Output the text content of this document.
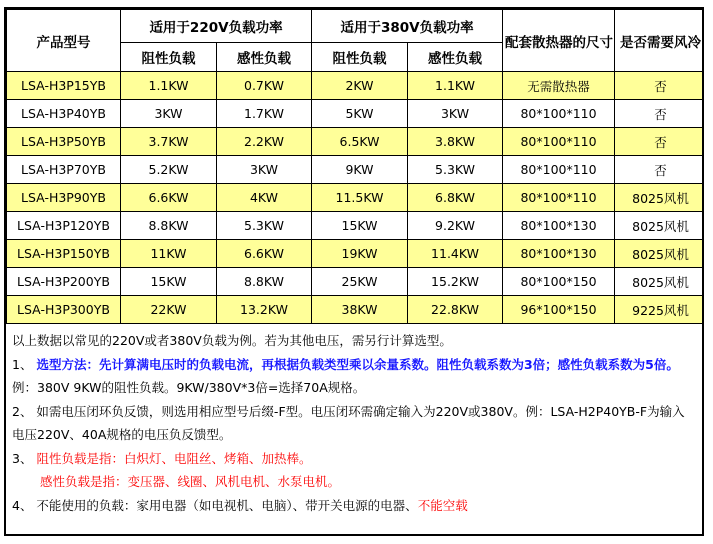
产品型号	适用于220V负载功率		适用于380V负载功率		配套散热器的尺寸	是否需要风冷
	阻性负载	感性负载	阻性负载	感性负载		
LSA-H3P15YB	1.1KW	0.7KW	2KW	1.1KW	无需散热器	否
LSA-H3P40YB	3KW	1.7KW	5KW	3KW	80*100*110	否
LSA-H3P50YB	3.7KW	2.2KW	6.5KW	3.8KW	80*100*110	否
LSA-H3P70YB	5.2KW	3KW	9KW	5.3KW	80*100*110	否
LSA-H3P90YB	6.6KW	4KW	11.5KW	6.8KW	80*100*110	8025风机
LSA-H3P120YB	8.8KW	5.3KW	15KW	9.2KW	80*100*130	8025风机
LSA-H3P150YB	11KW	6.6KW	19KW	11.4KW	80*100*130	8025风机
LSA-H3P200YB	15KW	8.8KW	25KW	15.2KW	80*100*150	8025风机
LSA-H3P300YB	22KW	13.2KW	38KW	22.8KW	96*100*150	9225风机
以上数据以常见的220V或者380V负载为例。若为其他电压，需另行计算选型。
1、 选型方法：先计算满电压时的负载电流，再根据负载类型乘以余量系数。阻性负载系数为3倍；感性负载系数为5倍。
例：380V 9KW的阻性负载。9KW/380V*3倍=选择70A规格。
2、 如需电压闭环负反馈，则选用相应型号后缀-F型。电压闭环需确定输入为220V或380V。例：LSA-H2P40YB-F为输入电压220V、40A规格的电压负反馈型。
3、 阻性负载是指：白炽灯、电阻丝、烤箱、加热棒。
感性负载是指：变压器、线圈、风机电机、水泵电机。
4、 不能使用的负载：家用电器（如电视机、电脑）、带开关电源的电器、不能空载
